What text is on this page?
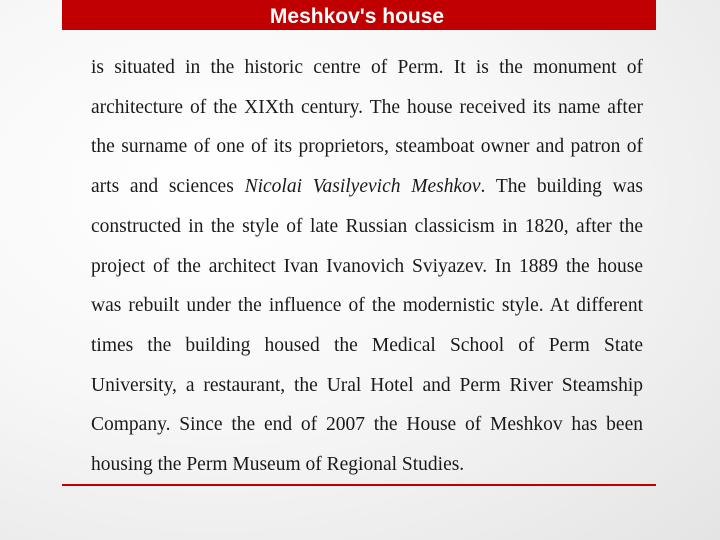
Meshkov's house

is situated in the historic centre of Perm. It is the monument of architecture of the XIXth century. The house received its name after the surname of one of its proprietors, steamboat owner and patron of arts and sciences Nicolai Vasilyevich Meshkov. The building was constructed in the style of late Russian classicism in 1820, after the project of the architect Ivan Ivanovich Sviyazev. In 1889 the house was rebuilt under the influence of the modernistic style. At different times the building housed the Medical School of Perm State University, a restaurant, the Ural Hotel and Perm River Steamship Company. Since the end of 2007 the House of Meshkov has been housing the Perm Museum of Regional Studies.
